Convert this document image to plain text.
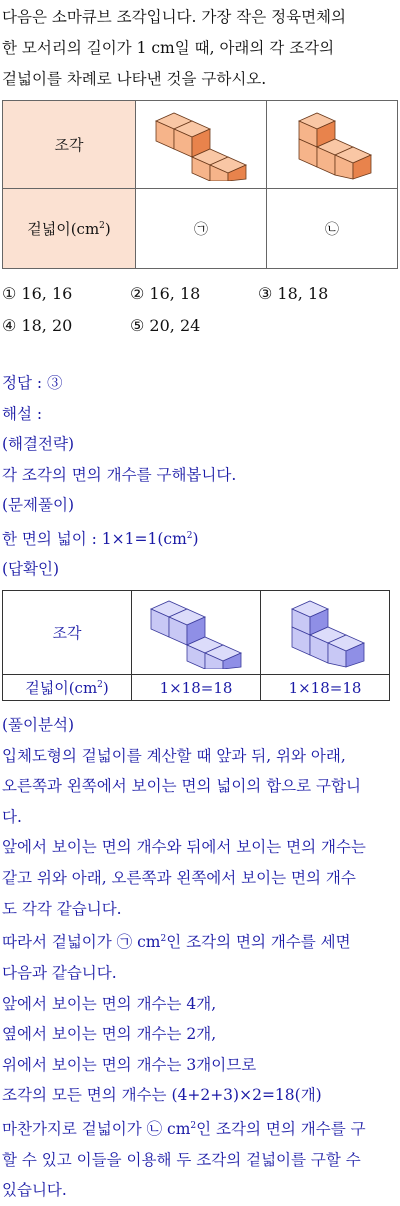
다음은 소마큐브 조각입니다. 가장 작은 정육면체의

한 모서리의 길이가 1 cm일 때, 아래의 각 조각의

겉넓이를 차례로 나타낸 것을 구하시오.

조각	

겉넓이$(cm^2)$	㉠	㉡
① 16, 16	② 16, 18	③ 18, 18
④ 18, 20	⑤ 20, 24

정답 : ③

해설 :

(해결전략)

각 조각의 면의 개수를 구해봅니다.

(문제풀이)

한 면의 넓이 : $1\times 1=1(cm^2)$

(답확인)

조각	

겉넓이$(cm^2)$	1×18=18	1×18=18

(풀이분석)

입체도형의 겉넓이를 계산할 때 앞과 뒤, 위와 아래,

오른쪽과 왼쪽에서 보이는 면의 넓이의 합으로 구합니

다.

앞에서 보이는 면의 개수와 뒤에서 보이는 면의 개수는

같고 위와 아래, 오른쪽과 왼쪽에서 보이는 면의 개수

도 각각 같습니다.

따라서 겉넓이가 ㉠ $cm^2$인 조각의 면의 개수를 세면

다음과 같습니다.

앞에서 보이는 면의 개수는 4개,

옆에서 보이는 면의 개수는 2개,

위에서 보이는 면의 개수는 3개이므로

조각의 모든 면의 개수는 (4+2+3)×2=18(개)

마찬가지로 겉넓이가 ㉡ $cm^2$인 조각의 면의 개수를 구

할 수 있고 이들을 이용해 두 조각의 겉넓이를 구할 수

있습니다.
